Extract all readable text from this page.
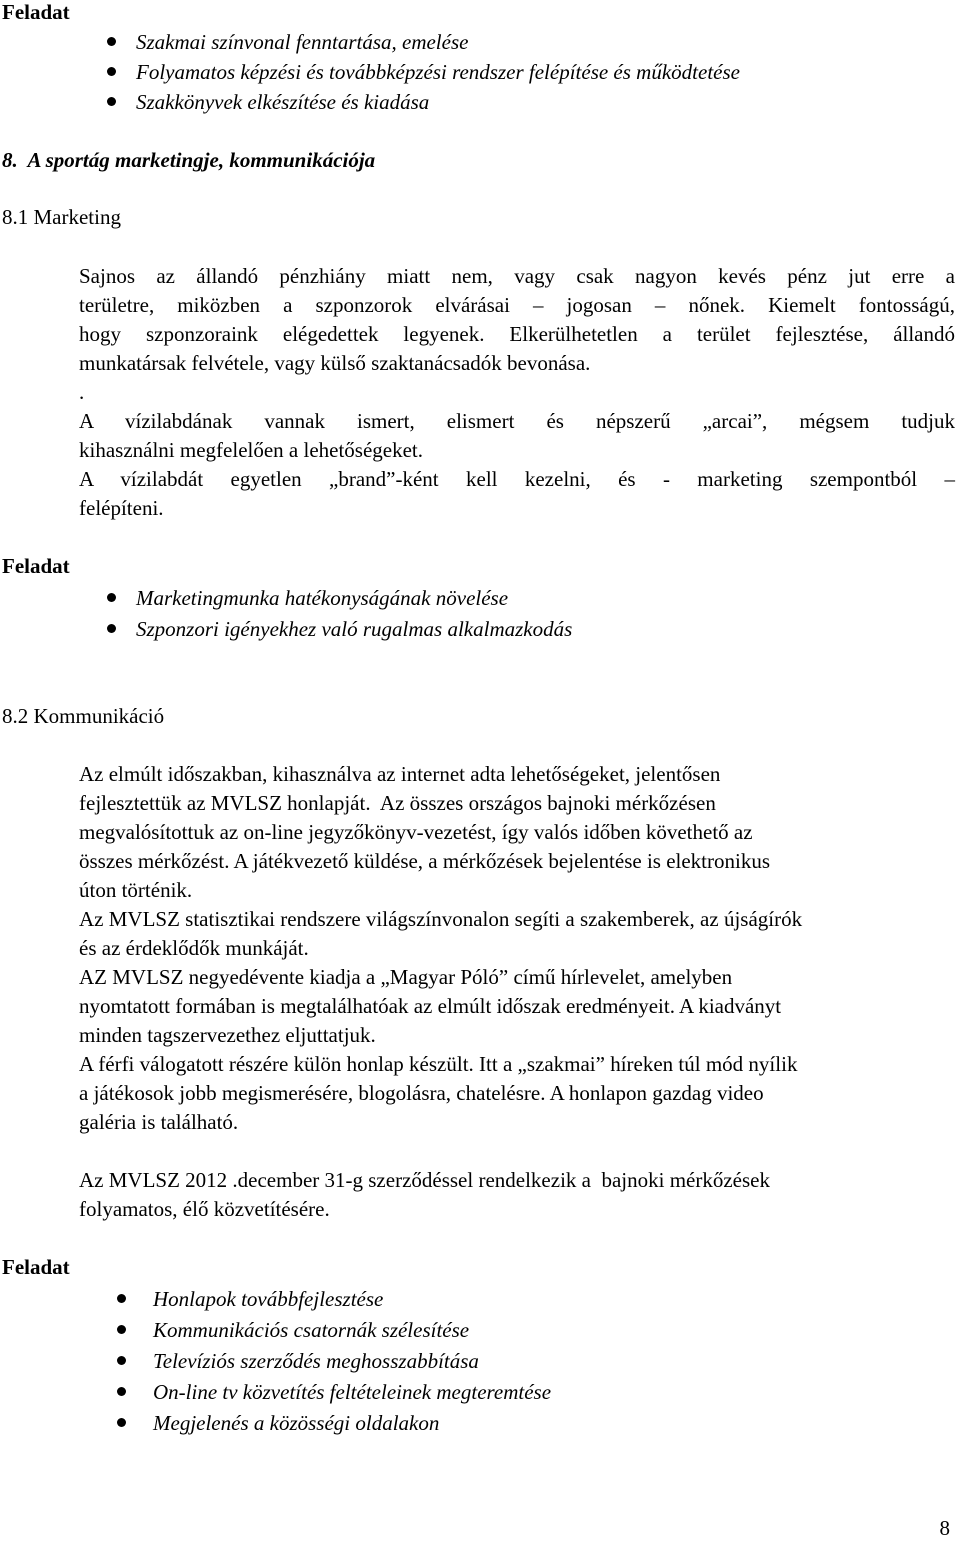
Feladat
Szakmai színvonal fenntartása, emelése
Folyamatos képzési és továbbképzési rendszer felépítése és működtetése
Szakkönyvek elkészítése és kiadása
8.  A sportág marketingje, kommunikációja
8.1 Marketing
Sajnos az állandó pénzhiány miatt nem, vagy csak nagyon kevés pénz jut erre a
területre, miközben a szponzorok elvárásai – jogosan – nőnek. Kiemelt fontosságú,
hogy szponzoraink elégedettek legyenek. Elkerülhetetlen a terület fejlesztése, állandó
munkatársak felvétele, vagy külső szaktanácsadók bevonása.
.
A vízilabdának vannak ismert, elismert és népszerű „arcai”, mégsem tudjuk
kihasználni megfelelően a lehetőségeket.
A vízilabdát egyetlen „brand”-ként kell kezelni, és - marketing szempontból –
felépíteni.
Feladat
Marketingmunka hatékonyságának növelése
Szponzori igényekhez való rugalmas alkalmazkodás
8.2 Kommunikáció
Az elmúlt időszakban, kihasználva az internet adta lehetőségeket, jelentősen
fejlesztettük az MVLSZ honlapját.  Az összes országos bajnoki mérkőzésen
megvalósítottuk az on-line jegyzőkönyv-vezetést, így valós időben követhető az
összes mérkőzést. A játékvezető küldése, a mérkőzések bejelentése is elektronikus
úton történik.
Az MVLSZ statisztikai rendszere világszínvonalon segíti a szakemberek, az újságírók
és az érdeklődők munkáját.
AZ MVLSZ negyedévente kiadja a „Magyar Póló” című hírlevelet, amelyben
nyomtatott formában is megtalálhatóak az elmúlt időszak eredményeit. A kiadványt
minden tagszervezethez eljuttatjuk.
A férfi válogatott részére külön honlap készült. Itt a „szakmai” híreken túl mód nyílik
a játékosok jobb megismerésére, blogolásra, chatelésre. A honlapon gazdag video
galéria is található.
Az MVLSZ 2012 .december 31-g szerződéssel rendelkezik a  bajnoki mérkőzések
folyamatos, élő közvetítésére.
Feladat
Honlapok továbbfejlesztése
Kommunikációs csatornák szélesítése
Televíziós szerződés meghosszabbítása
On-line tv közvetítés feltételeinek megteremtése
Megjelenés a közösségi oldalakon
8
